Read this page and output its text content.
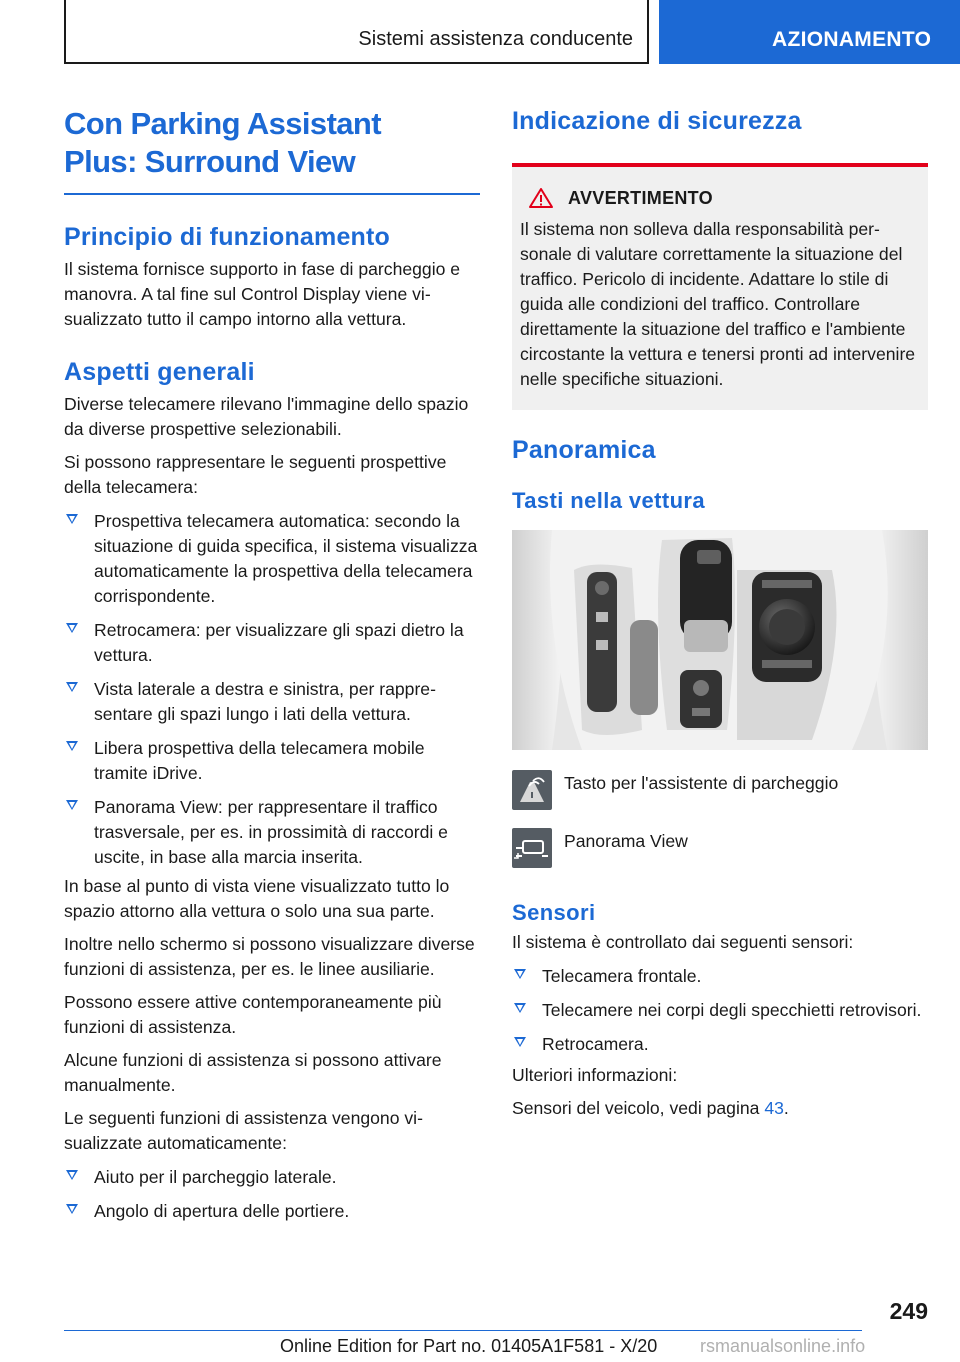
Sistemi assistenza conducente	AZIONAMENTO
Con Parking Assistant
Plus: Surround View
Principio di funzionamento
Il sistema fornisce supporto in fase di parcheggio e manovra. A tal fine sul Control Display viene visualizzato tutto il campo intorno alla vettura.
Aspetti generali
Diverse telecamere rilevano l'immagine dello spazio da diverse prospettive selezionabili.
Si possono rappresentare le seguenti prospettive della telecamera:
Prospettiva telecamera automatica: secondo la situazione di guida specifica, il sistema visualizza automaticamente la prospettiva della telecamera corrispondente.
Retrocamera: per visualizzare gli spazi dietro la vettura.
Vista laterale a destra e sinistra, per rappresentare gli spazi lungo i lati della vettura.
Libera prospettiva della telecamera mobile tramite iDrive.
Panorama View: per rappresentare il traffico trasversale, per es. in prossimità di raccordi e uscite, in base alla marcia inserita.
In base al punto di vista viene visualizzato tutto lo spazio attorno alla vettura o solo una sua parte.
Inoltre nello schermo si possono visualizzare diverse funzioni di assistenza, per es. le linee ausiliarie.
Possono essere attive contemporaneamente più funzioni di assistenza.
Alcune funzioni di assistenza si possono attivare manualmente.
Le seguenti funzioni di assistenza vengono visualizzate automaticamente:
Aiuto per il parcheggio laterale.
Angolo di apertura delle portiere.
Indicazione di sicurezza
AVVERTIMENTO
Il sistema non solleva dalla responsabilità personale di valutare correttamente la situazione del traffico. Pericolo di incidente. Adattare lo stile di guida alle condizioni del traffico. Controllare direttamente la situazione del traffico e l'ambiente circostante la vettura e tenersi pronti ad intervenire nelle specifiche situazioni.
Panoramica
Tasti nella vettura
Tasto per l'assistente di parcheggio
Panorama View
Sensori
Il sistema è controllato dai seguenti sensori:
Telecamera frontale.
Telecamere nei corpi degli specchietti retrovisori.
Retrocamera.
Ulteriori informazioni:
Sensori del veicolo, vedi pagina 43.
249
Online Edition for Part no. 01405A1F581 - X/20 rsmanualsonline.info
